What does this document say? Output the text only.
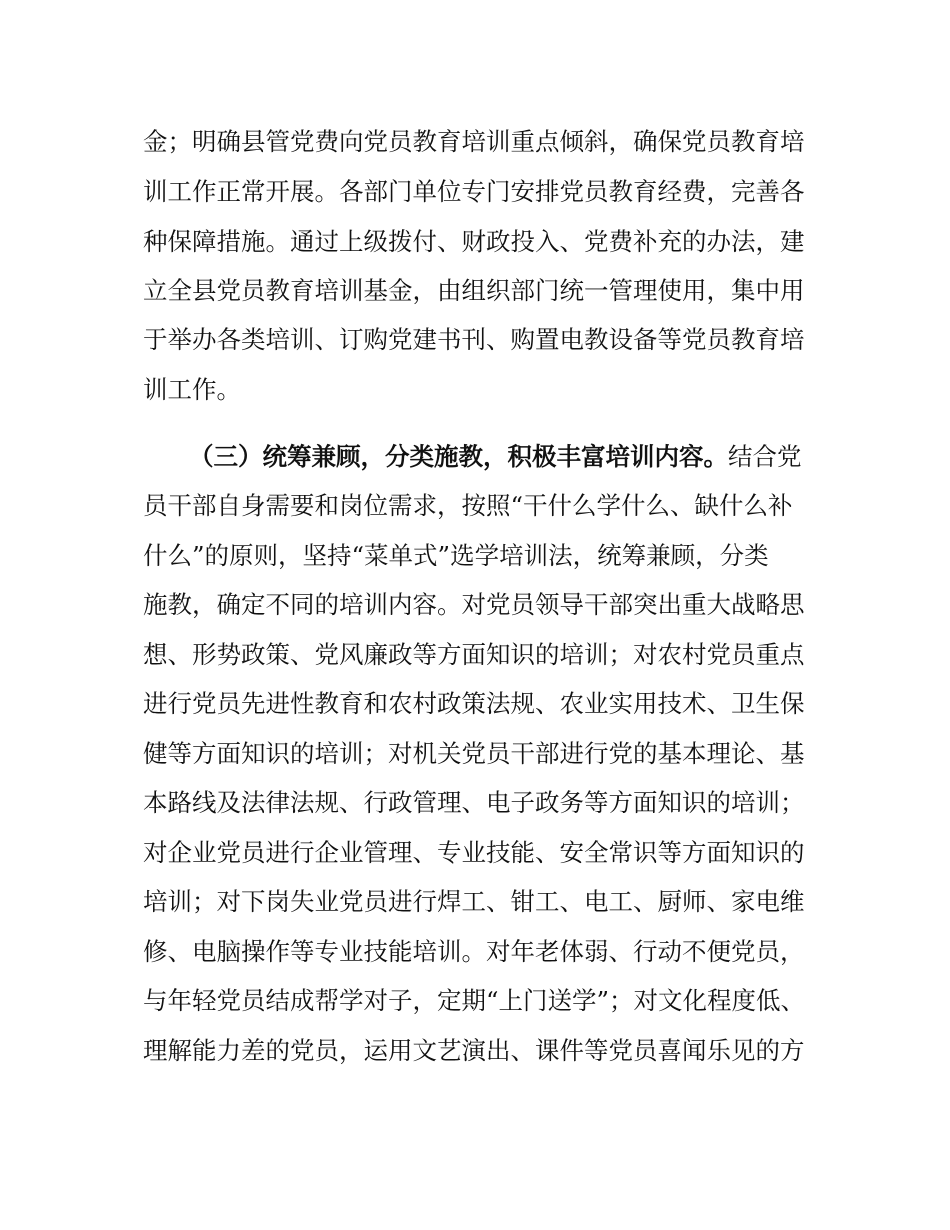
金；明确县管党费向党员教育培训重点倾斜，确保党员教育培
训工作正常开展。各部门单位专门安排党员教育经费，完善各
种保障措施。通过上级拨付、财政投入、党费补充的办法，建
立全县党员教育培训基金，由组织部门统一管理使用，集中用
于举办各类培训、订购党建书刊、购置电教设备等党员教育培
训工作。
（三）统筹兼顾，分类施教，积极丰富培训内容。结合党
员干部自身需要和岗位需求，按照“干什么学什么、缺什么补
什么”的原则，坚持“菜单式”选学培训法，统筹兼顾，分类
施教，确定不同的培训内容。对党员领导干部突出重大战略思
想、形势政策、党风廉政等方面知识的培训；对农村党员重点
进行党员先进性教育和农村政策法规、农业实用技术、卫生保
健等方面知识的培训；对机关党员干部进行党的基本理论、基
本路线及法律法规、行政管理、电子政务等方面知识的培训；
对企业党员进行企业管理、专业技能、安全常识等方面知识的
培训；对下岗失业党员进行焊工、钳工、电工、厨师、家电维
修、电脑操作等专业技能培训。对年老体弱、行动不便党员，
与年轻党员结成帮学对子，定期“上门送学”；对文化程度低、
理解能力差的党员，运用文艺演出、课件等党员喜闻乐见的方
